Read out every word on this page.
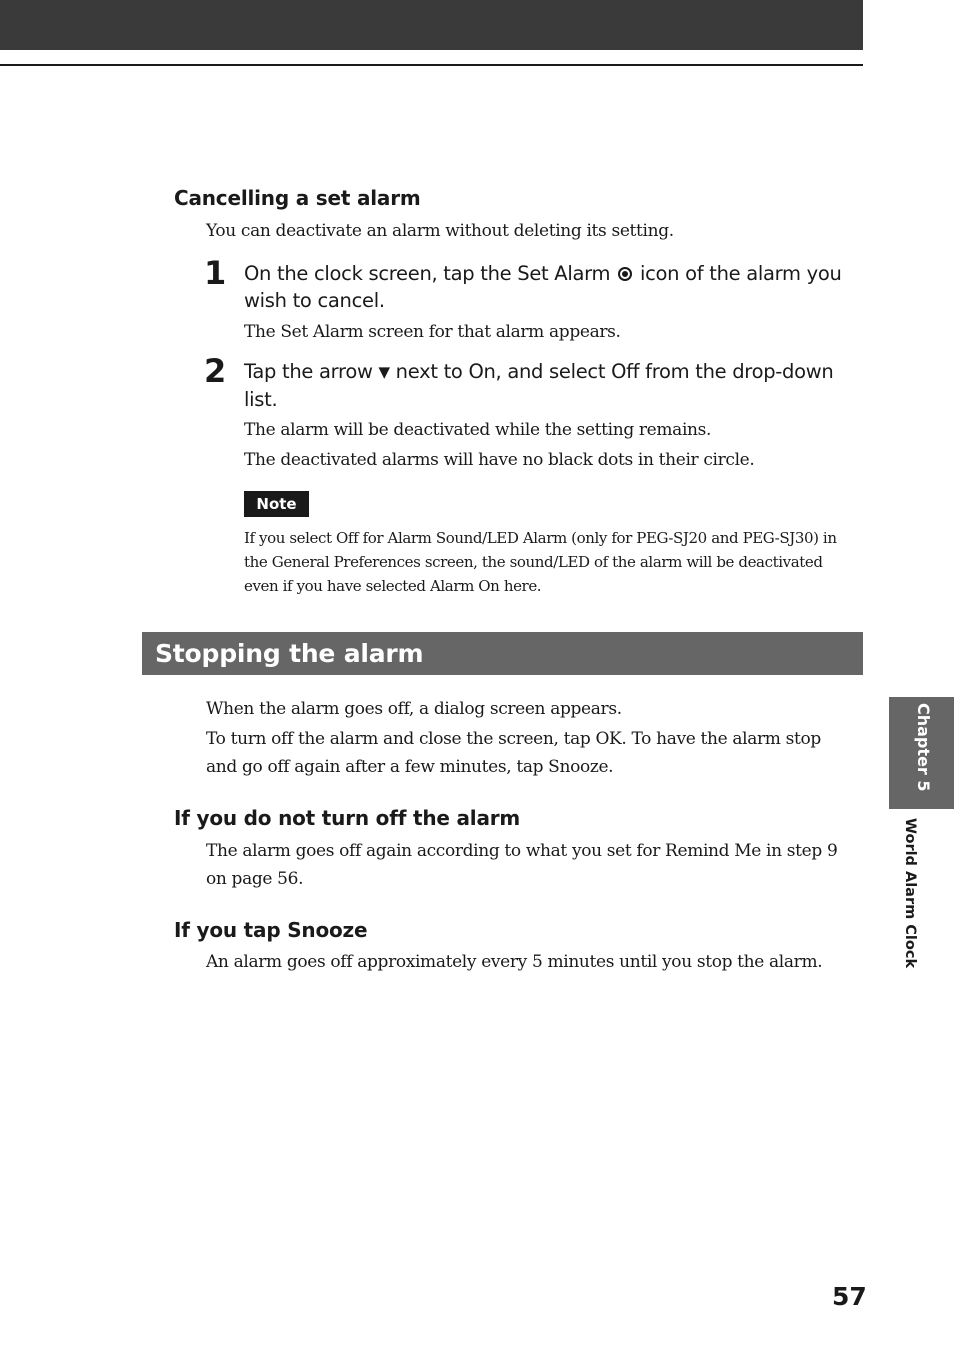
Cancelling a set alarm
You can deactivate an alarm without deleting its setting.
1 On the clock screen, tap the Set Alarm icon of the alarm you wish to cancel.
The Set Alarm screen for that alarm appears.
2 Tap the arrow ▼ next to On, and select Off from the drop-down list.
The alarm will be deactivated while the setting remains.
The deactivated alarms will have no black dots in their circle.
Note
If you select Off for Alarm Sound/LED Alarm (only for PEG-SJ20 and PEG-SJ30) in the General Preferences screen, the sound/LED of the alarm will be deactivated even if you have selected Alarm On here.
Stopping the alarm
When the alarm goes off, a dialog screen appears.
To turn off the alarm and close the screen, tap OK. To have the alarm stop and go off again after a few minutes, tap Snooze.
If you do not turn off the alarm
The alarm goes off again according to what you set for Remind Me in step 9 on page 56.
If you tap Snooze
An alarm goes off approximately every 5 minutes until you stop the alarm.
Chapter 5
World Alarm Clock
57
